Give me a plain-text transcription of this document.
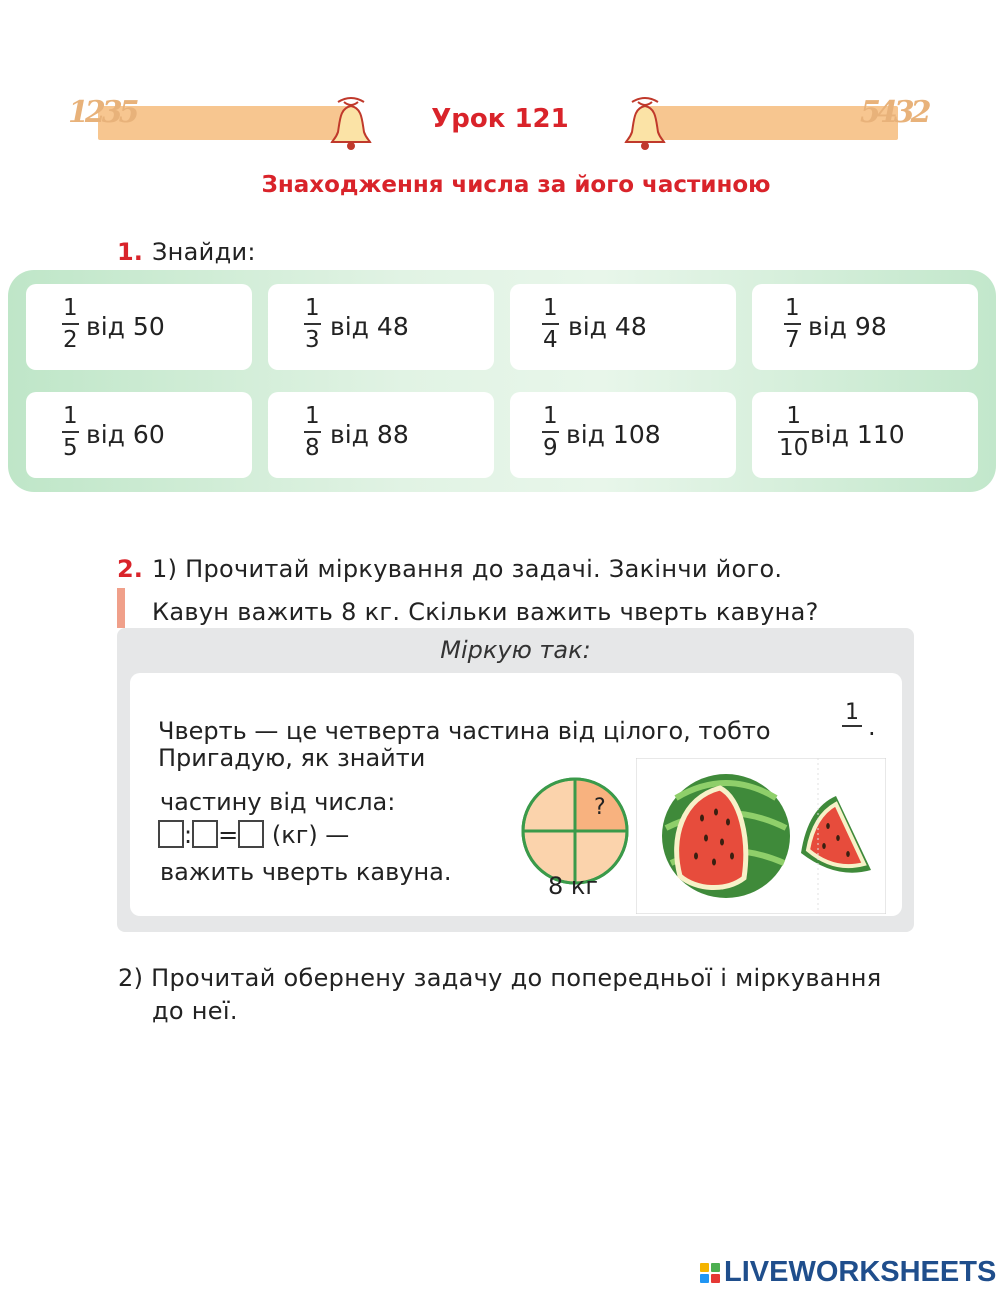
1235	5432
Урок 121
Знаходження числа за його частиною
1. Знайди:
1
2 від 50
1
3 від 48
1
4 від 48
1
7 від 98
1
5 від 60
1
8 від 88
1
9 від 108
1
10 від 110
2. 1) Прочитай міркування до задачі. Закінчи його.
Кавун важить 8 кг. Скільки важить чверть кавуна?
Міркую так:
Чверть — це четверта частина від цілого, тобто
1

.
Пригадую, як знайти
частину від числа:
: = (кг) —
важить чверть кавуна.
?
8 кг
2) Прочитай обернену задачу до попередньої і міркування
до неї.
LIVEWORKSHEETS
